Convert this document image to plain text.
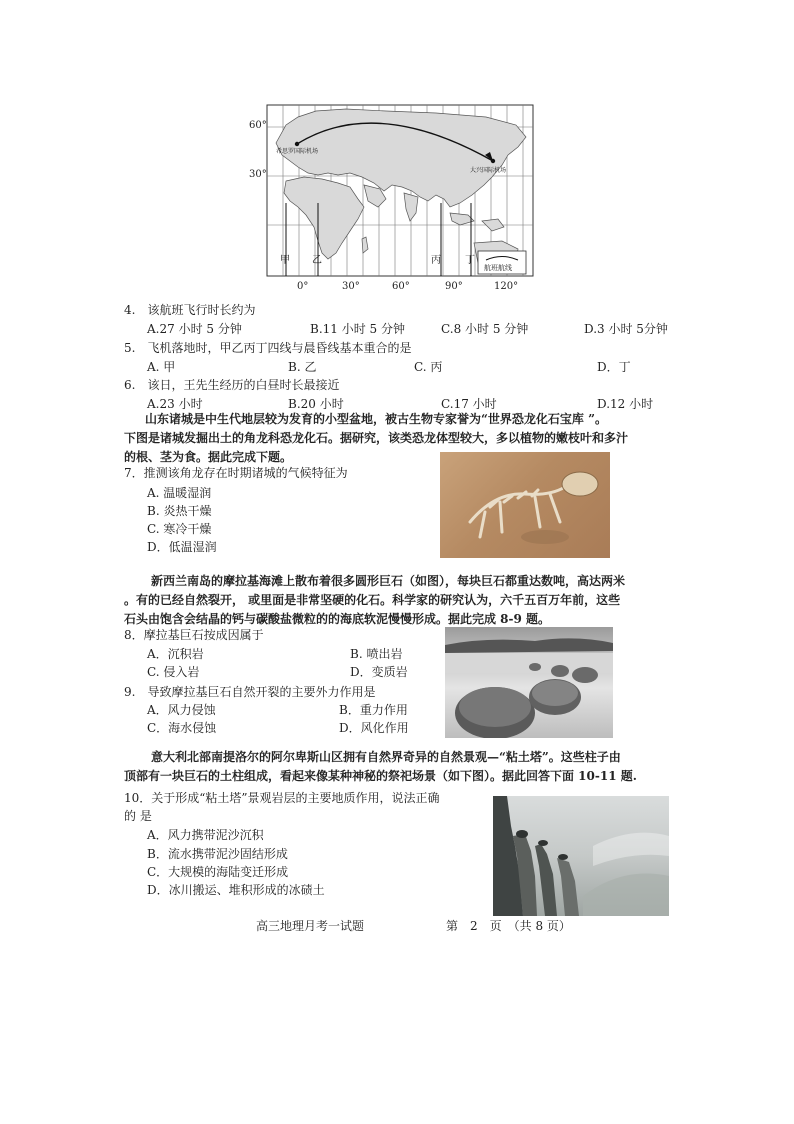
60°
30°
0°	30°	60°	90°	120°
甲 乙	丙 丁
希思罗国际机场
大兴国际机场
航班航线
4.　该航班飞行时长约为
A.27 小时 5 分钟	B.11 小时 5 分钟	C.8 小时 5 分钟	D.3 小时 5分钟
5.　飞机落地时，甲乙丙丁四线与晨昏线基本重合的是
A. 甲	B. 乙	C. 丙	D．丁
6.　该日，王先生经历的白昼时长最接近
A.23 小时	B.20 小时	C.17 小时	D.12 小时
山东诸城是中生代地层较为发育的小型盆地，被古生物专家誉为“世界恐龙化石宝库 ”。
下图是诸城发掘出土的角龙科恐龙化石。据研究，该类恐龙体型较大，多以植物的嫩枝叶和多汁
的根、茎为食。据此完成下题。
7．推测该角龙存在时期诸城的气候特征为
A. 温暖湿润
B. 炎热干燥
C. 寒冷干燥
D．低温湿润
新西兰南岛的摩拉基海滩上散布着很多圆形巨石（如图），每块巨石都重达数吨，高达两米
。有的已经自然裂开， 或里面是非常坚硬的化石。科学家的研究认为，六千五百万年前，这些
石头由饱含会结晶的钙与碳酸盐微粒的的海底软泥慢慢形成。据此完成 8-9 题。
8．摩拉基巨石按成因属于
A．沉积岩	B. 喷出岩
C. 侵入岩	D．变质岩
9.　导致摩拉基巨石自然开裂的主要外力作用是
A．风力侵蚀	B．重力作用
C．海水侵蚀	D．风化作用
意大利北部南提洛尔的阿尔卑斯山区拥有自然界奇异的自然景观—“粘土塔”。这些柱子由
顶部有一块巨石的土柱组成，看起来像某种神秘的祭祀场景（如下图）。据此回答下面 10-11 题.
10．关于形成“粘土塔”景观岩层的主要地质作用，说法正确
的 是
A．风力携带泥沙沉积
B．流水携带泥沙固结形成
C．大规模的海陆变迁形成
D．冰川搬运、堆积形成的冰碛土
高三地理月考一试题	第　2　页　（共 8 页）
